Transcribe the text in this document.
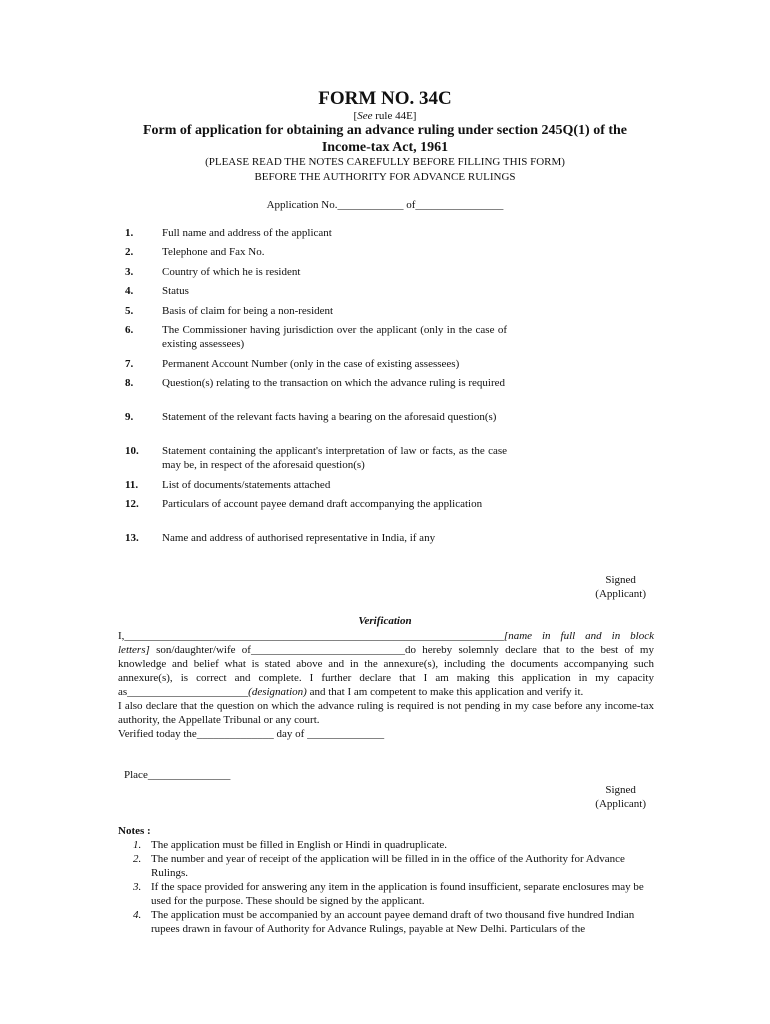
FORM NO. 34C
[See rule 44E]
Form of application for obtaining an advance ruling under section 245Q(1) of the
Income-tax Act, 1961
(PLEASE READ THE NOTES CAREFULLY BEFORE FILLING THIS FORM)
BEFORE THE AUTHORITY FOR ADVANCE RULINGS
Application No.____________ of________________
1.	Full name and address of the applicant
2.	Telephone and Fax No.
3.	Country of which he is resident
4.	Status
5.	Basis of claim for being a non-resident
6.	The Commissioner having jurisdiction over the applicant (only in the case of existing assessees)
7.	Permanent Account Number (only in the case of existing assessees)
8.	Question(s) relating to the transaction on which the advance ruling is required
9.	Statement of the relevant facts having a bearing on the aforesaid question(s)
10. Statement containing the applicant's interpretation of law or facts, as the case may be, in respect of the aforesaid question(s)
11. List of documents/statements attached
12. Particulars of account payee demand draft accompanying the application
13. Name and address of authorised representative in India, if any
Signed
(Applicant)
Verification

I,_____________________________________________________________________[name in full and in block

letters] son/daughter/wife of____________________________do hereby solemnly declare that to the best of my knowledge and belief what is stated above and in the annexure(s), including the documents accompanying such annexure(s), is correct and complete. I further declare that I am making this application in my capacity as______________________(designation) and that I am competent to make this application and verify it.

I also declare that the question on which the advance ruling is required is not pending in my case before any income-tax authority, the Appellate Tribunal or any court.

Verified today the______________ day of ______________

Place_______________
Signed
(Applicant)
Notes :
1. The application must be filled in English or Hindi in quadruplicate.
2. The number and year of receipt of the application will be filled in in the office of the Authority for Advance Rulings.
3. If the space provided for answering any item in the application is found insufficient, separate enclosures may be used for the purpose. These should be signed by the applicant.
4. The application must be accompanied by an account payee demand draft of two thousand five hundred Indian rupees drawn in favour of Authority for Advance Rulings, payable at New Delhi. Particulars of the
